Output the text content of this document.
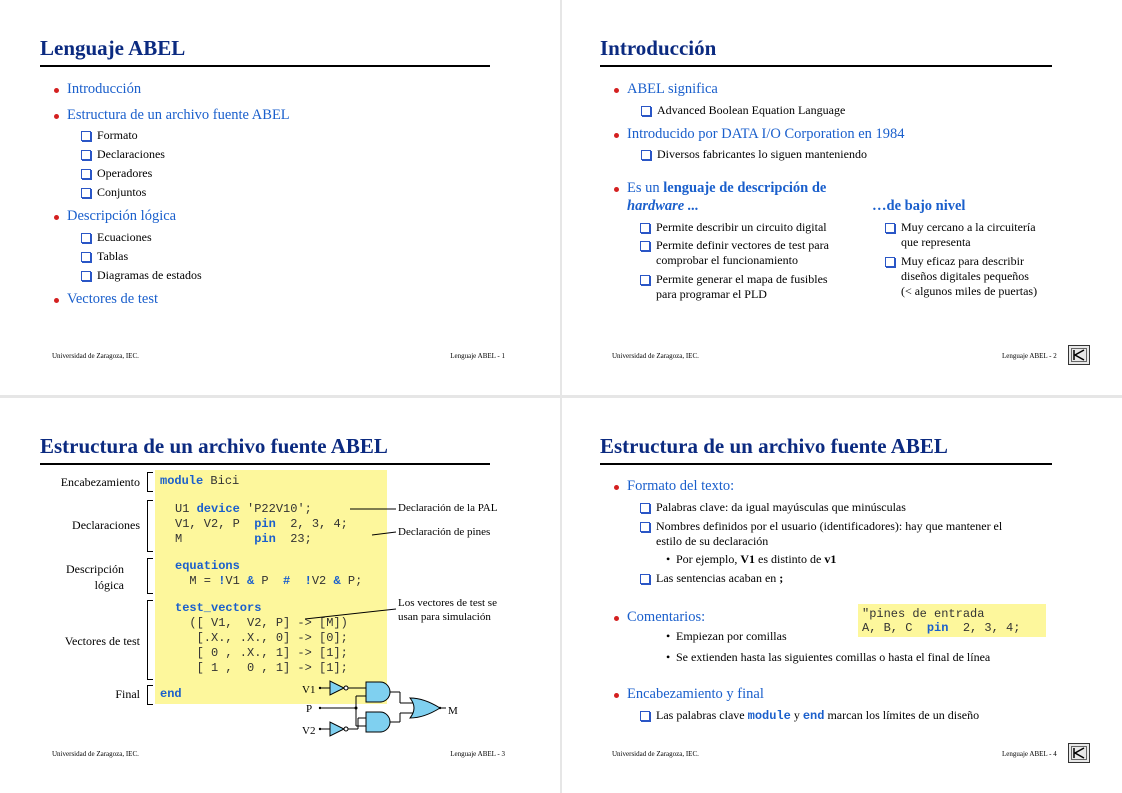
Lenguaje ABEL
Introducción
Estructura de un archivo fuente ABEL
Formato
Declaraciones
Operadores
Conjuntos
Descripción lógica
Ecuaciones
Tablas
Diagramas de estados
Vectores de test
Universidad de Zaragoza, IEC.	Lenguaje ABEL - 1
Introducción
ABEL significa
Advanced Boolean Equation Language
Introducido por DATA I/O Corporation en 1984
Diversos fabricantes lo siguen manteniendo
Es un lenguaje de descripción de
hardware ...	…de bajo nivel
Permite describir un circuito digital
Permite definir vectores de test para
comprobar el funcionamiento
Permite generar el mapa de fusibles
para programar el PLD
Muy cercano a la circuitería
que representa
Muy eficaz para describir
diseños digitales pequeños
(< algunos miles de puertas)
Universidad de Zaragoza, IEC.	Lenguaje ABEL - 2
Estructura de un archivo fuente ABEL
Encabezamiento
Declaraciones
Descripción
lógica
Vectores de test
Final
module Bici
U1 device 'P22V10';
V1, V2, P  pin  2, 3, 4;
M          pin  23;
equations
M = !V1 & P  # !V2 & P;
test_vectors
([ V1,  V2, P] -> [M])
[.X., .X., 0] -> [0];
[ 0 , .X., 1] -> [1];
[ 1 ,  0 , 1] -> [1];
end
Declaración de la PAL
Declaración de pines
Los vectores de test se
usan para simulación
V1
P
V2
M
Universidad de Zaragoza, IEC.	Lenguaje ABEL - 3
Estructura de un archivo fuente ABEL
Formato del texto:
Palabras clave: da igual mayúsculas que minúsculas
Nombres definidos por el usuario (identificadores): hay que mantener el
estilo de su declaración
• Por ejemplo, V1 es distinto de v1
Las sentencias acaban en ;
Comentarios:	"pines de entrada
A, B, C  pin  2, 3, 4;
• Empiezan por comillas
• Se extienden hasta las siguientes comillas o hasta el final de línea
Encabezamiento y final
Las palabras clave module y end marcan los límites de un diseño
Universidad de Zaragoza, IEC.	Lenguaje ABEL - 4
